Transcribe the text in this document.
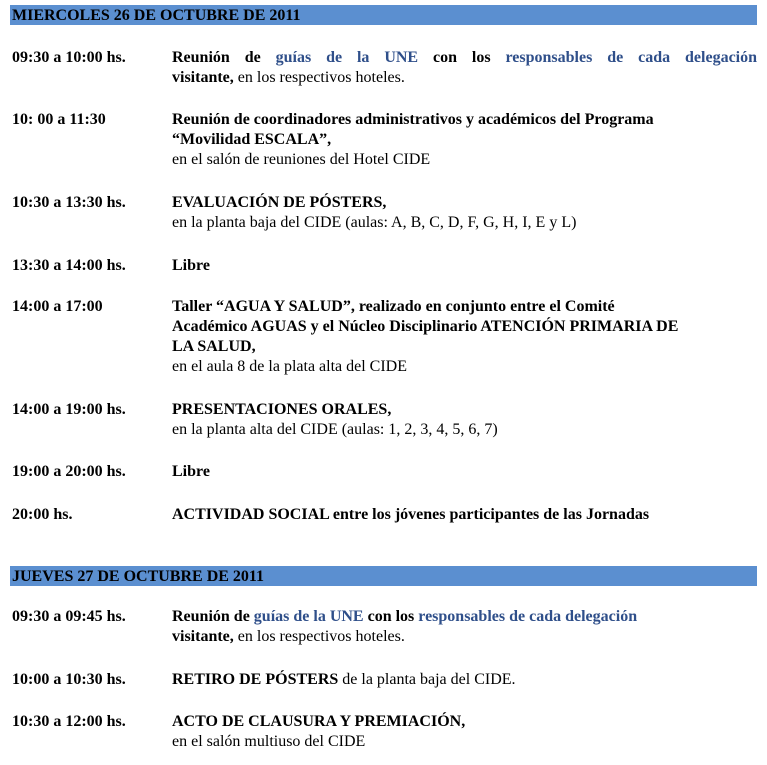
MIERCOLES 26 DE OCTUBRE DE 2011
09:30 a 10:00 hs.	Reunión de guías de la UNE con los responsables de cada delegación
visitante, en los respectivos hoteles.
10: 00 a 11:30	Reunión de coordinadores administrativos y académicos del Programa
“Movilidad ESCALA”,
en el salón de reuniones del Hotel CIDE
10:30 a 13:30 hs.	EVALUACIÓN DE PÓSTERS,
en la planta baja del CIDE (aulas: A, B, C, D, F, G, H, I, E y L)
13:30 a 14:00 hs.	Libre
14:00 a 17:00	Taller “AGUA Y SALUD”, realizado en conjunto entre el Comité
Académico AGUAS y el Núcleo Disciplinario ATENCIÓN PRIMARIA DE
LA SALUD,
en el aula 8 de la plata alta del CIDE
14:00 a 19:00 hs.	PRESENTACIONES ORALES,
en la planta alta del CIDE (aulas: 1, 2, 3, 4, 5, 6, 7)
19:00 a 20:00 hs.	Libre
20:00 hs.	ACTIVIDAD SOCIAL entre los jóvenes participantes de las Jornadas
JUEVES 27 DE OCTUBRE DE 2011
09:30 a 09:45 hs.	Reunión de guías de la UNE con los responsables de cada delegación
visitante, en los respectivos hoteles.
10:00 a 10:30 hs.	RETIRO DE PÓSTERS de la planta baja del CIDE.
10:30 a 12:00 hs.	ACTO DE CLAUSURA Y PREMIACIÓN,
en el salón multiuso del CIDE
